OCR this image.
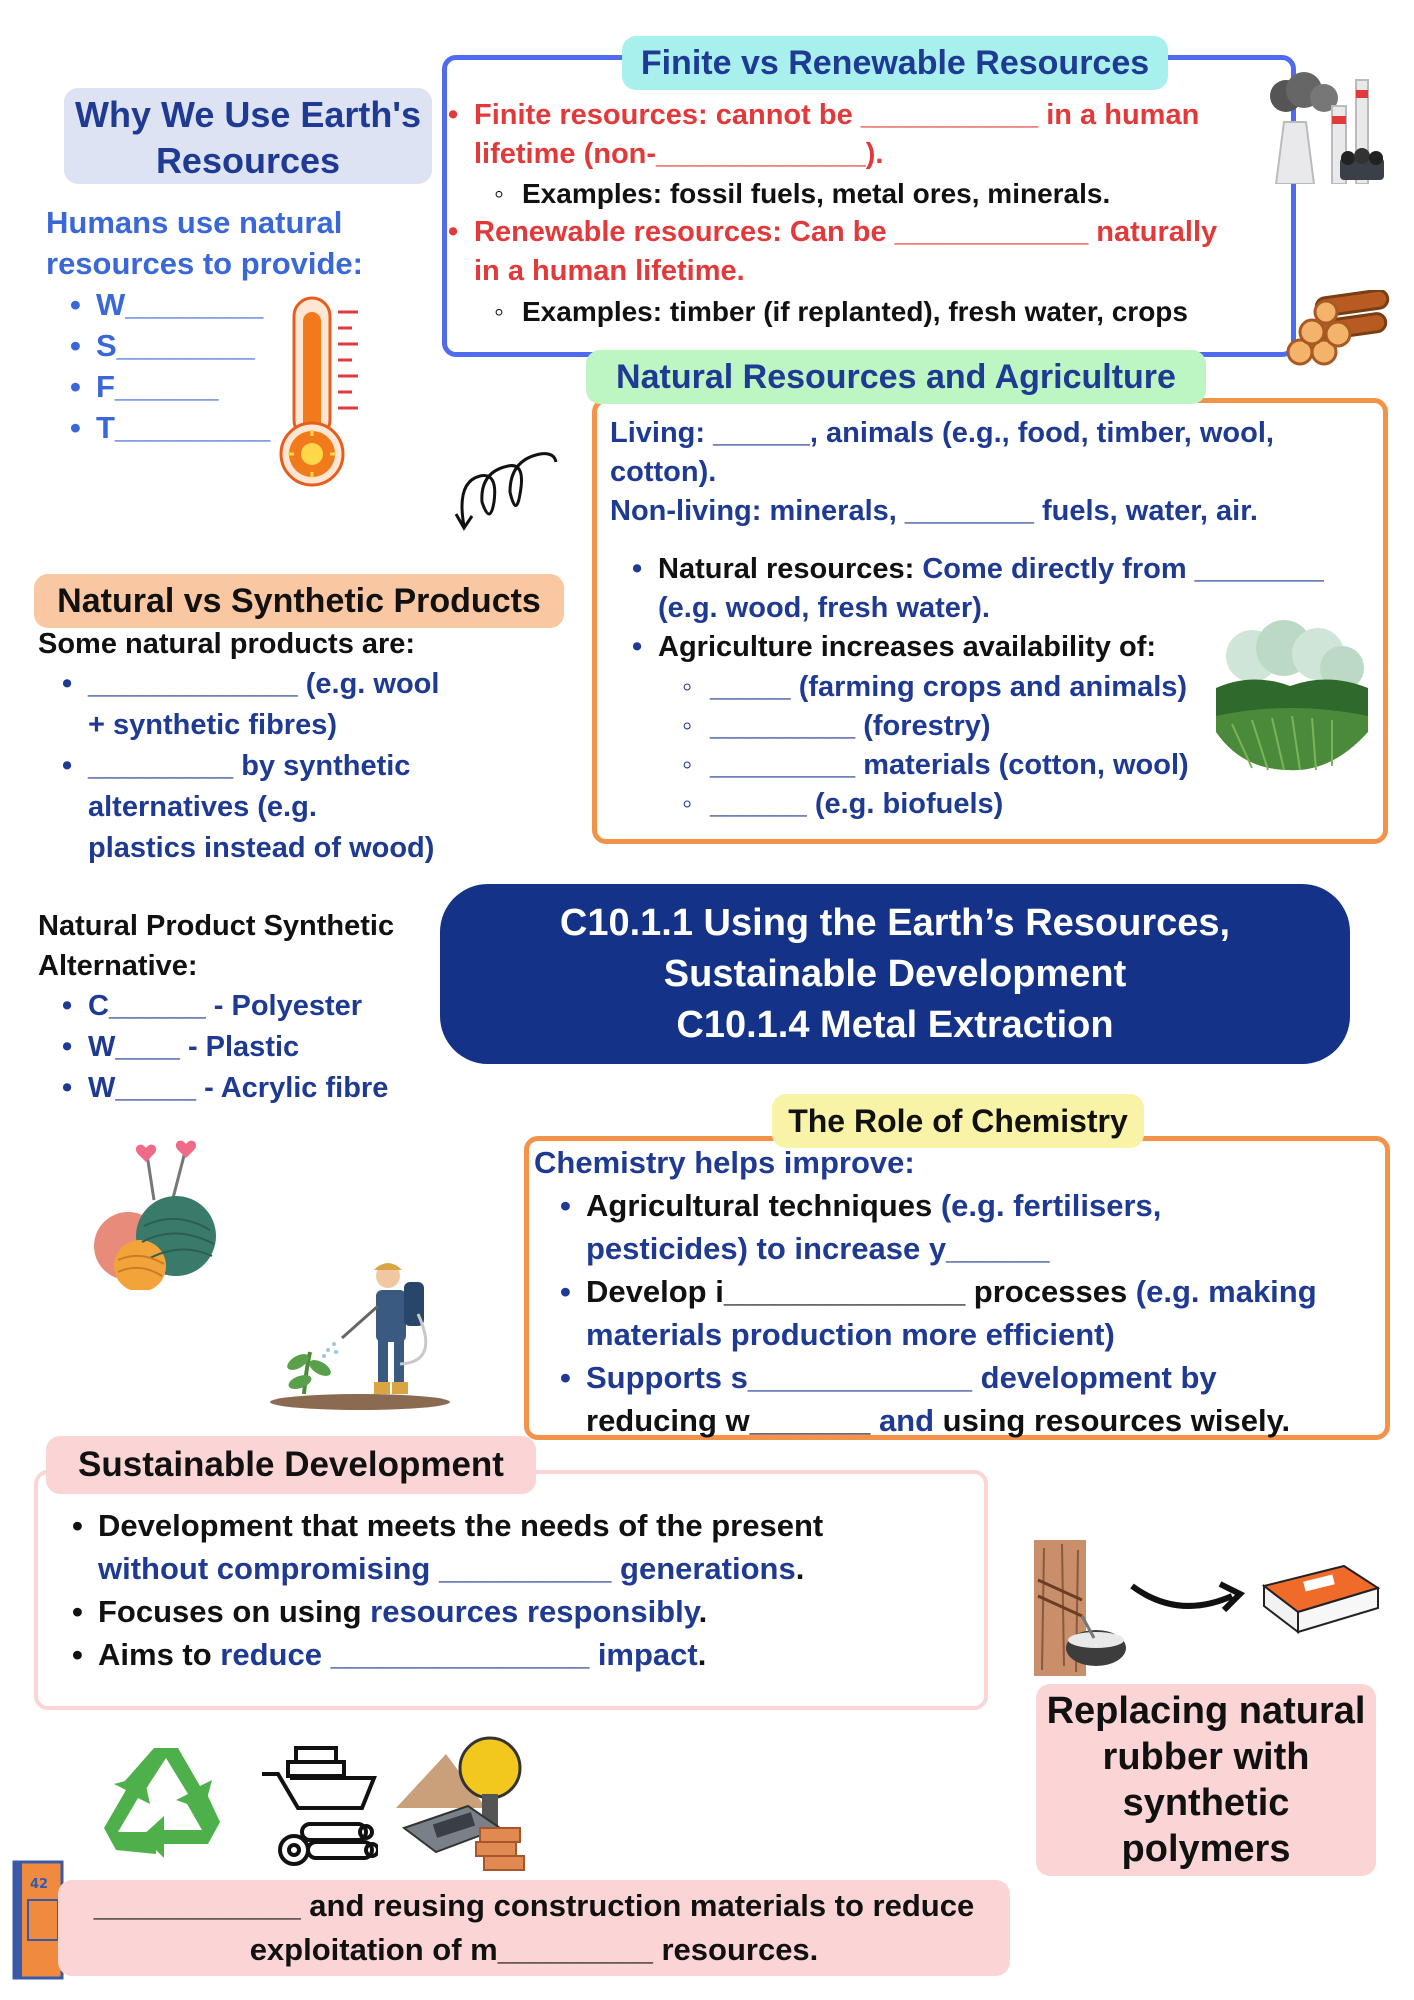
Why We Use Earth's
Resources
Humans use natural
resources to provide:
• W________
• S________
• F______
• T_________
Finite vs Renewable Resources
• Finite resources: cannot be ___________ in a human
lifetime (non-_____________).
◦ Examples: fossil fuels, metal ores, minerals.
• Renewable resources: Can be ____________ naturally
in a human lifetime.
◦ Examples: timber (if replanted), fresh water, crops
Natural Resources and Agriculture
Living: ______, animals (e.g., food, timber, wool,
cotton).
Non-living: minerals, ________ fuels, water, air.
• Natural resources: Come directly from ________
(e.g. wood, fresh water).
• Agriculture increases availability of:
◦ _____ (farming crops and animals)
◦ _________ (forestry)
◦ _________ materials (cotton, wool)
◦ ______ (e.g. biofuels)
Natural vs Synthetic Products
Some natural products are:
• _____________ (e.g. wool
+ synthetic fibres)
• _________ by synthetic
alternatives (e.g.
plastics instead of wood)
Natural Product Synthetic
Alternative:
• C______ - Polyester
• W____ - Plastic
• W_____ - Acrylic fibre
C10.1.1 Using the Earth’s Resources,
Sustainable Development
C10.1.4 Metal Extraction
The Role of Chemistry
Chemistry helps improve:
• Agricultural techniques (e.g. fertilisers,
pesticides) to increase y______
• Develop i______________ processes (e.g. making
materials production more efficient)
• Supports s_____________ development by
reducing w_______ and using resources wisely.
Sustainable Development
• Development that meets the needs of the present
without compromising __________ generations.
• Focuses on using resources responsibly.
• Aims to reduce _______________ impact.
Replacing natural
rubber with
synthetic
polymers
42
____________ and reusing construction materials to reduce
exploitation of m_________ resources.
